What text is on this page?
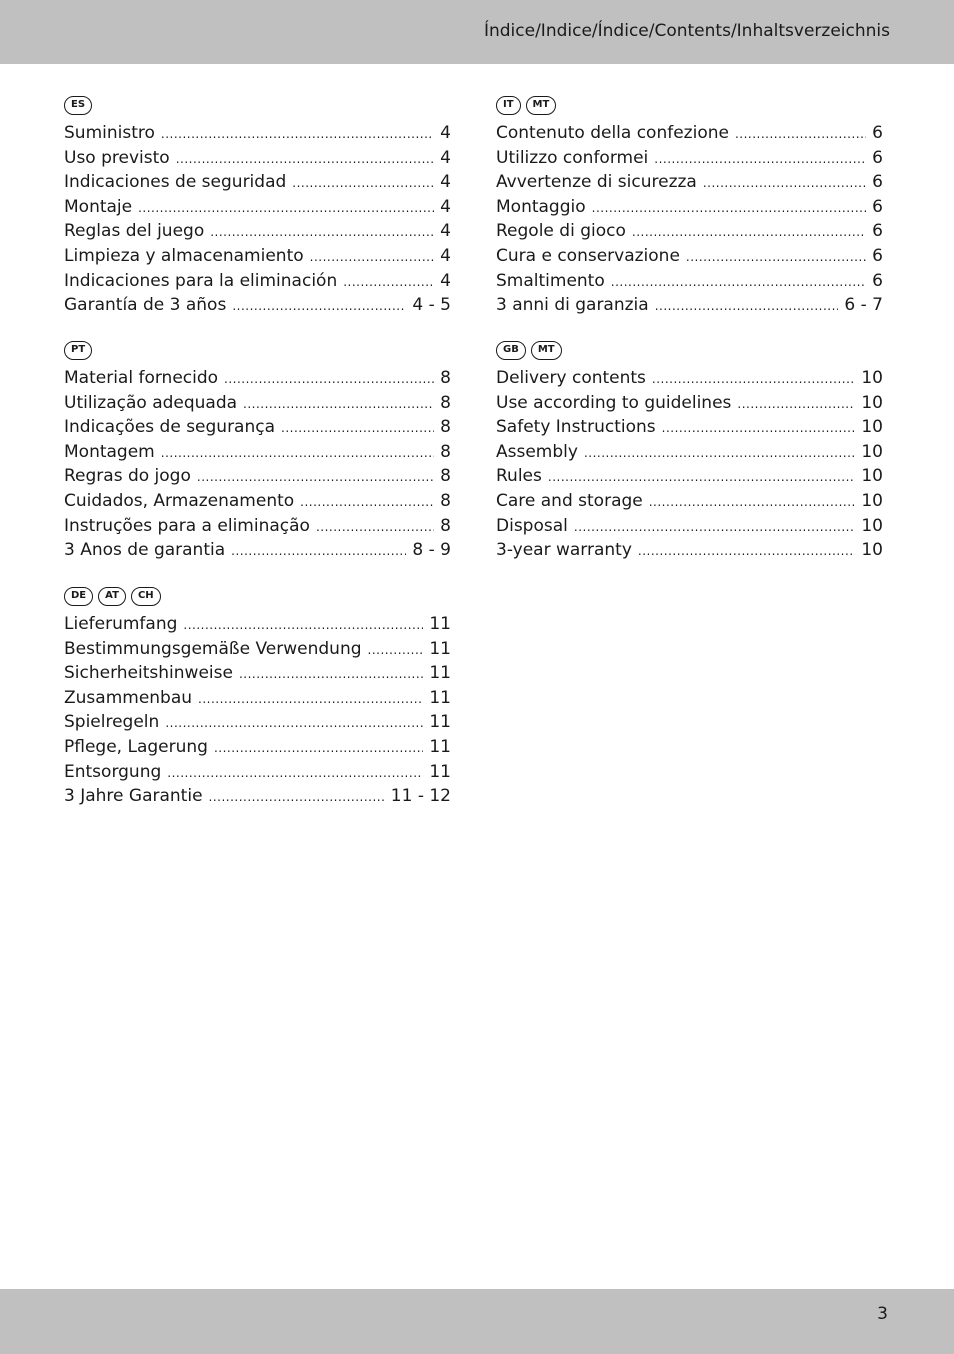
Índice/Indice/Índice/Contents/Inhaltsverzeichnis
ES
Suministro .....	4
Uso previsto .....	4
Indicaciones de seguridad .....	4
Montaje .....	4
Reglas del juego .....	4
Limpieza y almacenamiento .....	4
Indicaciones para la eliminación .....	4
Garantía de 3 años .....	4 - 5
IT	MT
Contenuto della confezione .....	6
Utilizzo conformei .....	6
Avvertenze di sicurezza .....	6
Montaggio .....	6
Regole di gioco .....	6
Cura e conservazione .....	6
Smaltimento .....	6
3 anni di garanzia .....	6 - 7
PT
Material fornecido .....	8
Utilização adequada .....	8
Indicações de segurança .....	8
Montagem .....	8
Regras do jogo .....	8
Cuidados, Armazenamento .....	8
Instruções para a eliminação .....	8
3 Anos de garantia .....	8 - 9
GB	MT
Delivery contents .....	10
Use according to guidelines .....	10
Safety Instructions .....	10
Assembly .....	10
Rules .....	10
Care and storage .....	10
Disposal .....	10
3-year warranty .....	10
DE	AT	CH
Lieferumfang .....	11
Bestimmungsgemäße Verwendung .....	11
Sicherheitshinweise .....	11
Zusammenbau .....	11
Spielregeln .....	11
Pflege, Lagerung .....	11
Entsorgung .....	11
3 Jahre Garantie .....	11 - 12
3
